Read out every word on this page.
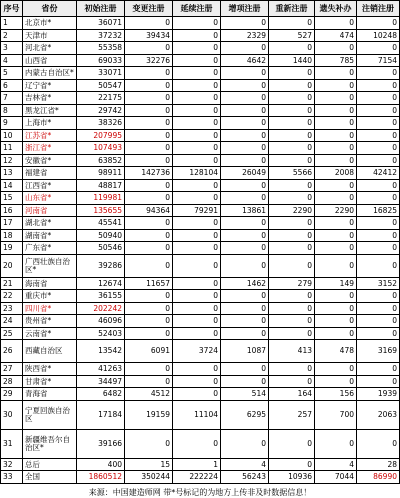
序号	省份	初始注册	变更注册	延续注册	增项注册	重新注册	遗失补办	注销注册
1	北京市*	36071	0	0	0	0	0	0
2	天津市	37232	39434	0	2329	527	474	10248
3	河北省*	55358	0	0	0	0	0	0
4	山西省	69033	32276	0	4642	1440	785	7154
5	内蒙古自治区*	33071	0	0	0	0	0	0
6	辽宁省*	50547	0	0	0	0	0	0
7	吉林省*	22175	0	0	0	0	0	0
8	黑龙江省*	29742	0	0	0	0	0	0
9	上海市*	38326	0	0	0	0	0	0
10	江苏省*	207995	0	0	0	0	0	0
11	浙江省*	107493	0	0	0	0	0	0
12	安徽省*	63852	0	0	0	0	0	0
13	福建省	98911	142736	128104	26049	5566	2008	42412
14	江西省*	48817	0	0	0	0	0	0
15	山东省*	119981	0	0	0	0	0	0
16	河南省	135655	94364	79291	13861	2290	2290	16825
17	湖北省*	45541	0	0	0	0	0	0
18	湖南省*	50940	0	0	0	0	0	0
19	广东省*	50546	0	0	0	0	0	0
20	广西壮族自治区*	39286	0	0	0	0	0	0
21	海南省	12674	11657	0	1462	279	149	3152
22	重庆市*	36155	0	0	0	0	0	0
23	四川省*	202242	0	0	0	0	0	0
24	贵州省*	46096	0	0	0	0	0	0
25	云南省*	52403	0	0	0	0	0	0
26	西藏自治区	13542	6091	3724	1087	413	478	3169
27	陕西省*	41263	0	0	0	0	0	0
28	甘肃省*	34497	0	0	0	0	0	0
29	青海省	6482	4512	0	514	164	156	1939
30	宁夏回族自治区	17184	19159	11104	6295	257	700	2063
31	新疆维吾尔自治区*	39166	0	0	0	0	0	0
32	总后	400	15	1	4	0	4	28
33	全国	1860512	350244	222224	56243	10936	7044	86990
来源：中国建造师网 带*号标记的为地方上传非及时数据信息！
